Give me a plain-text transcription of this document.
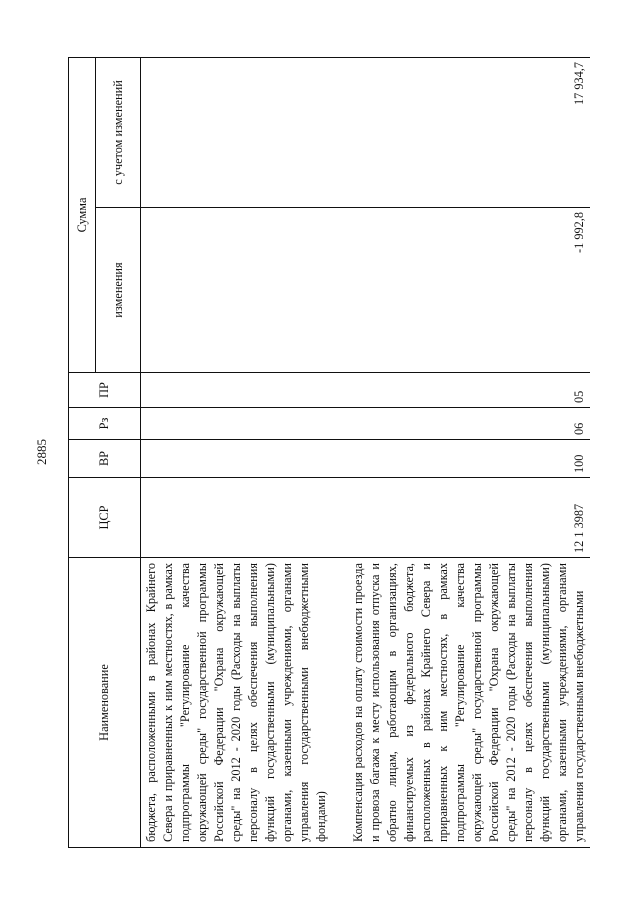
2885
Наименование	ЦСР	ВР	Рз	ПР	Сумма	
					изменения	с учетом изменений
бюджета, расположенными в районах Крайнего Севера и приравненных к ним местностях, в рамках подпрограммы "Регулирование качества окружающей среды" государственной программы Российской Федерации "Охрана окружающей среды" на 2012 - 2020 годы (Расходы на выплаты персоналу в целях обеспечения выполнения функций государственными (муниципальными) органами, казенными учреждениями, органами управления государственными внебюджетными фондами)						

Компенсация расходов на оплату стоимости проезда и провоза багажа к месту использования отпуска и обратно лицам, работающим в организациях, финансируемых из федерального бюджета, расположенных в районах Крайнего Севера и приравненных к ним местностях, в рамках подпрограммы "Регулирование качества окружающей среды" государственной программы Российской Федерации "Охрана окружающей среды" на 2012 - 2020 годы (Расходы на выплаты персоналу в целях обеспечения выполнения функций государственными (муниципальными) органами, казенными учреждениями, органами управления государственными внебюджетными	12 1 3987	100	06	05	-1 992,8	17 934,7
